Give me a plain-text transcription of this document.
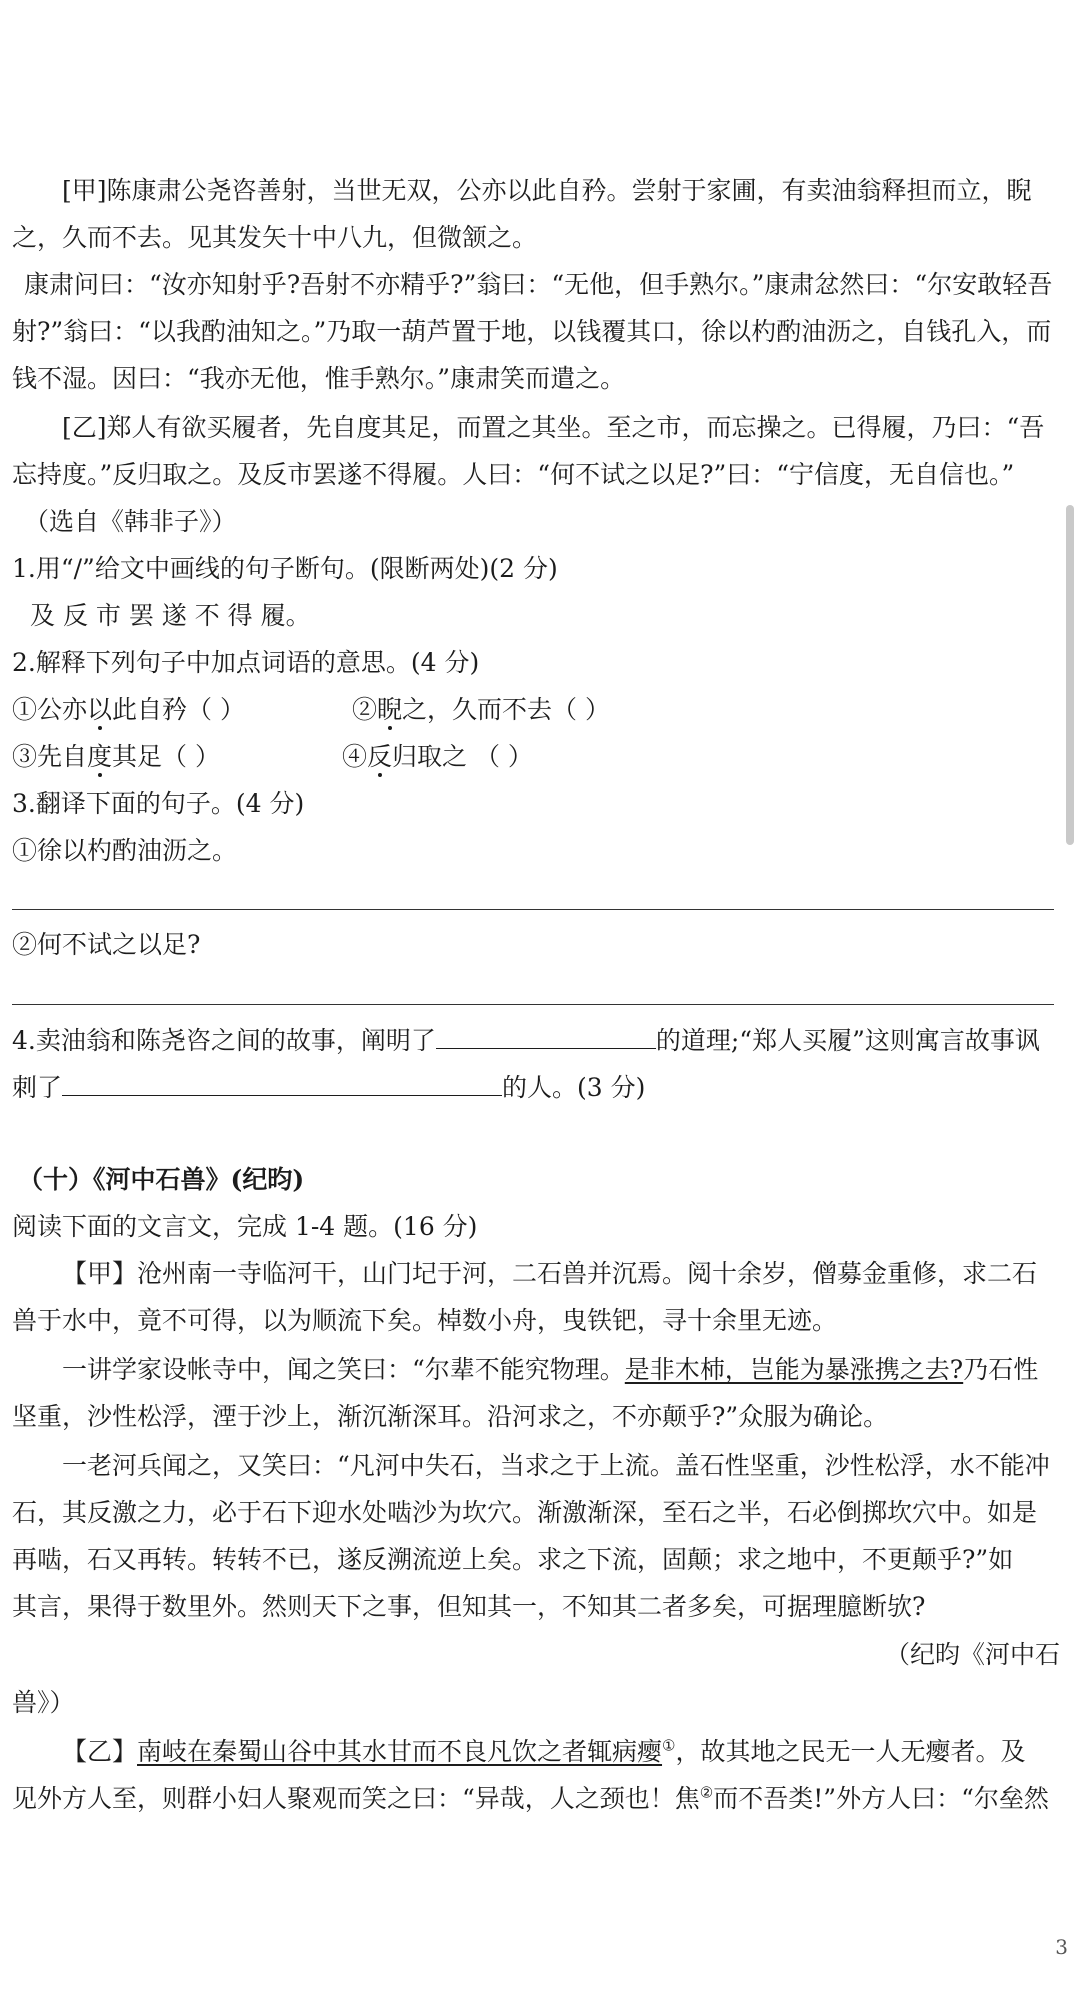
[甲]陈康肃公尧咨善射，当世无双，公亦以此自矜。尝射于家圃，有卖油翁释担而立，睨
之，久而不去。见其发矢十中八九，但微颔之。
康肃问曰：“汝亦知射乎?吾射不亦精乎?”翁曰：“无他，但手熟尔。”康肃忿然曰：“尔安敢轻吾
射?”翁曰：“以我酌油知之。”乃取一葫芦置于地，以钱覆其口，徐以杓酌油沥之，自钱孔入，而
钱不湿。因曰：“我亦无他，惟手熟尔。”康肃笑而遣之。
[乙]郑人有欲买履者，先自度其足，而置之其坐。至之市，而忘操之。已得履，乃曰：“吾
忘持度。”反归取之。及反市罢遂不得履。人曰：“何不试之以足?”曰：“宁信度，无自信也。”
（选自《韩非子》）
1.用“/”给文中画线的句子断句。(限断两处)(2 分)
及 反 市 罢 遂 不 得 履。
2.解释下列句子中加点词语的意思。(4 分)
①公亦以此自矜（ ）	②睨之，久而不去（ ）
③先自度其足（ ）	④反归取之 （ ）
3.翻译下面的句子。(4 分)
①徐以杓酌油沥之。
②何不试之以足?
4.卖油翁和陈尧咨之间的故事，阐明了	的道理;“郑人买履”这则寓言故事讽
刺了	的人。(3 分)
（十）《河中石兽》(纪昀)
阅读下面的文言文，完成 1-4 题。(16 分)
【甲】沧州南一寺临河干，山门圮于河，二石兽并沉焉。阅十余岁，僧募金重修，求二石
兽于水中，竟不可得，以为顺流下矣。棹数小舟，曳铁钯，寻十余里无迹。
一讲学家设帐寺中，闻之笑曰：“尔辈不能究物理。是非木杮，岂能为暴涨携之去?乃石性
坚重，沙性松浮，湮于沙上，渐沉渐深耳。沿河求之，不亦颠乎?”众服为确论。
一老河兵闻之，又笑曰：“凡河中失石，当求之于上流。盖石性坚重，沙性松浮，水不能冲
石，其反激之力，必于石下迎水处啮沙为坎穴。渐激渐深，至石之半，石必倒掷坎穴中。如是
再啮，石又再转。转转不已，遂反溯流逆上矣。求之下流，固颠；求之地中，不更颠乎?”如
其言，果得于数里外。然则天下之事，但知其一，不知其二者多矣，可据理臆断欤?
（纪昀《河中石
兽》）
【乙】南岐在秦蜀山谷中其水甘而不良凡饮之者辄病瘿①，故其地之民无一人无瘿者。及
见外方人至，则群小妇人聚观而笑之曰：“异哉，人之颈也！焦②而不吾类!”外方人曰：“尔垒然
3
